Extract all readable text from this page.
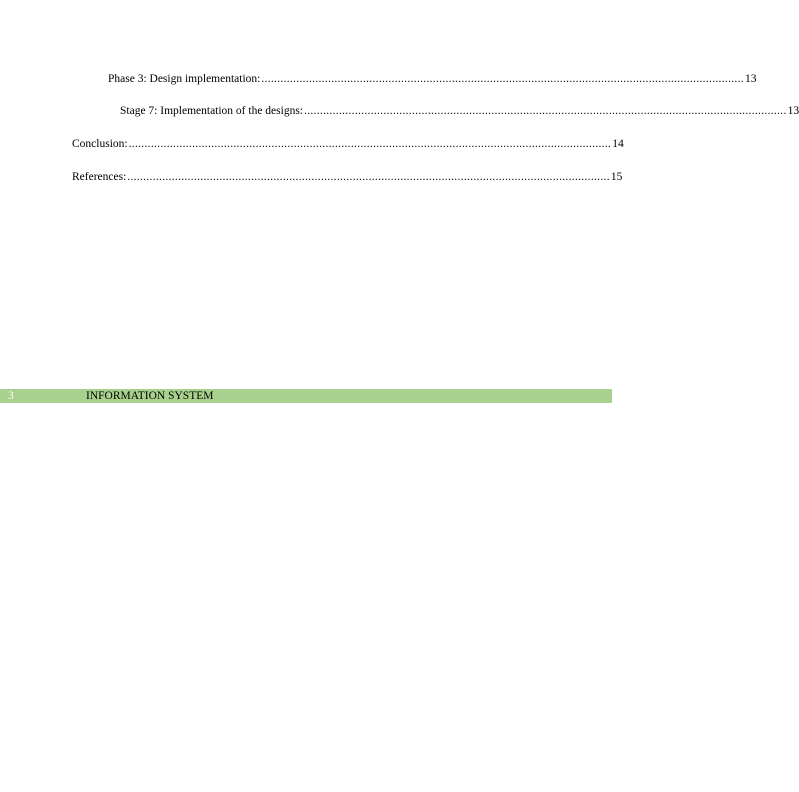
Phase 3: Design implementation: ........................................................................................................................................................ 13
Stage 7: Implementation of the designs: ........................................................................................................................................................ 13
Conclusion: ........................................................................................................................................................ 14
References: ........................................................................................................................................................ 15
3	INFORMATION SYSTEM
